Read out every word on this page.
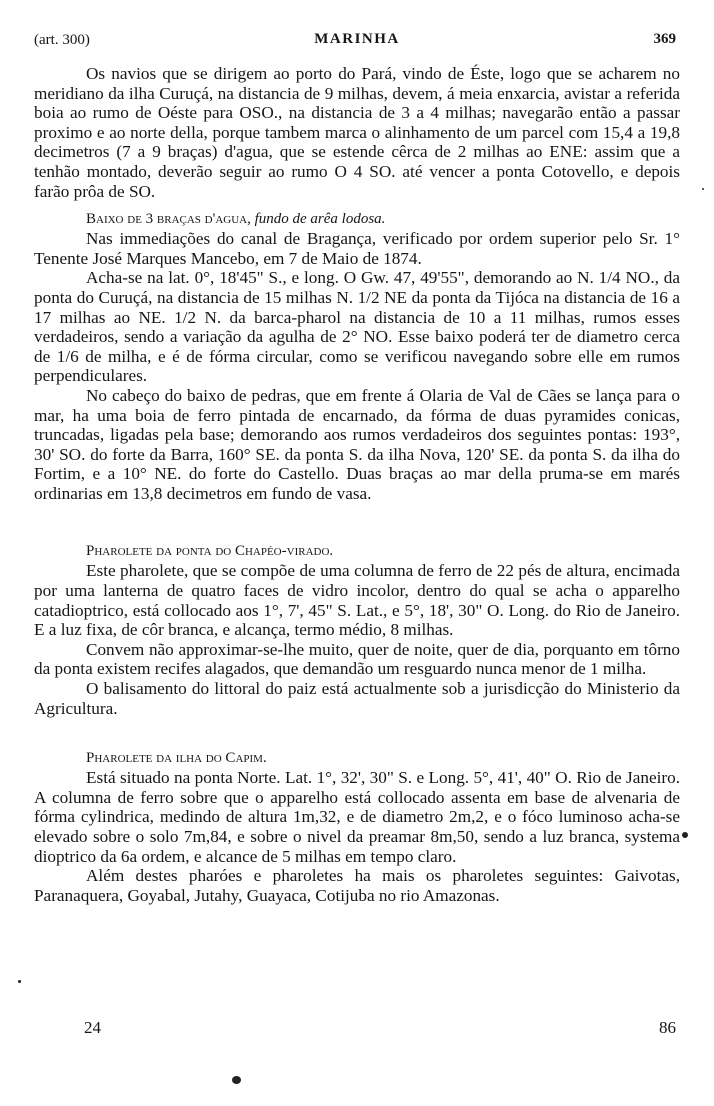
(art. 300)	MARINHA	369

Os navios que se dirigem ao porto do Pará, vindo de Éste, logo que se acharem no meridiano da ilha Curuçá, na distancia de 9 milhas, devem, á meia enxarcia, avistar a referida boia ao rumo de Oéste para OSO., na distancia de 3 a 4 milhas; navegarão então a passar proximo e ao norte della, porque tambem marca o alinhamento de um parcel com 15,4 a 19,8 decimetros (7 a 9 braças) d'agua, que se estende cêrca de 2 milhas ao ENE: assim que a tenhão montado, deverão seguir ao rumo O 4 SO. até vencer a ponta Cotovello, e depois farão prôa de SO.

Baixo de 3 braças d'agua, fundo de arêa lodosa.

Nas immediações do canal de Bragança, verificado por ordem superior pelo Sr. 1° Tenente José Marques Mancebo, em 7 de Maio de 1874.

Acha-se na lat. 0°, 18'45" S., e long. O Gw. 47, 49'55", demorando ao N. 1/4 NO., da ponta do Curuçá, na distancia de 15 milhas N. 1/2 NE da ponta da Tijóca na distancia de 16 a 17 milhas ao NE. 1/2 N. da barca-pharol na distancia de 10 a 11 milhas, rumos esses verdadeiros, sendo a variação da agulha de 2° NO. Esse baixo poderá ter de diametro cerca de 1/6 de milha, e é de fórma circular, como se verificou navegando sobre elle em rumos perpendiculares.

No cabeço do baixo de pedras, que em frente á Olaria de Val de Cães se lança para o mar, ha uma boia de ferro pintada de encarnado, da fórma de duas pyramides conicas, truncadas, ligadas pela base; demorando aos rumos verdadeiros dos seguintes pontas: 193°, 30' SO. do forte da Barra, 160° SE. da ponta S. da ilha Nova, 120' SE. da ponta S. da ilha do Fortim, e a 10° NE. do forte do Castello. Duas braças ao mar della pruma-se em marés ordinarias em 13,8 decimetros em fundo de vasa.

Pharolete da ponta do Chapéo-virado.

Este pharolete, que se compõe de uma columna de ferro de 22 pés de altura, encimada por uma lanterna de quatro faces de vidro incolor, dentro do qual se acha o apparelho catadioptrico, está collocado aos 1°, 7', 45" S. Lat., e 5°, 18', 30" O. Long. do Rio de Janeiro. E a luz fixa, de côr branca, e alcança, termo médio, 8 milhas.

Convem não approximar-se-lhe muito, quer de noite, quer de dia, porquanto em tôrno da ponta existem recifes alagados, que demandão um resguardo nunca menor de 1 milha.

O balisamento do littoral do paiz está actualmente sob a jurisdicção do Ministerio da Agricultura.

Pharolete da ilha do Capim.

Está situado na ponta Norte. Lat. 1°, 32', 30" S. e Long. 5°, 41', 40" O. Rio de Janeiro. A columna de ferro sobre que o apparelho está collocado assenta em base de alvenaria de fórma cylindrica, medindo de altura 1m,32, e de diametro 2m,2, e o fóco luminoso acha-se elevado sobre o solo 7m,84, e sobre o nivel da preamar 8m,50, sendo a luz branca, systema dioptrico da 6a ordem, e alcance de 5 milhas em tempo claro.

Além destes pharóes e pharoletes ha mais os pharoletes seguintes: Gaivotas, Paranaquera, Goyabal, Jutahy, Guayaca, Cotijuba no rio Amazonas.

24	86
